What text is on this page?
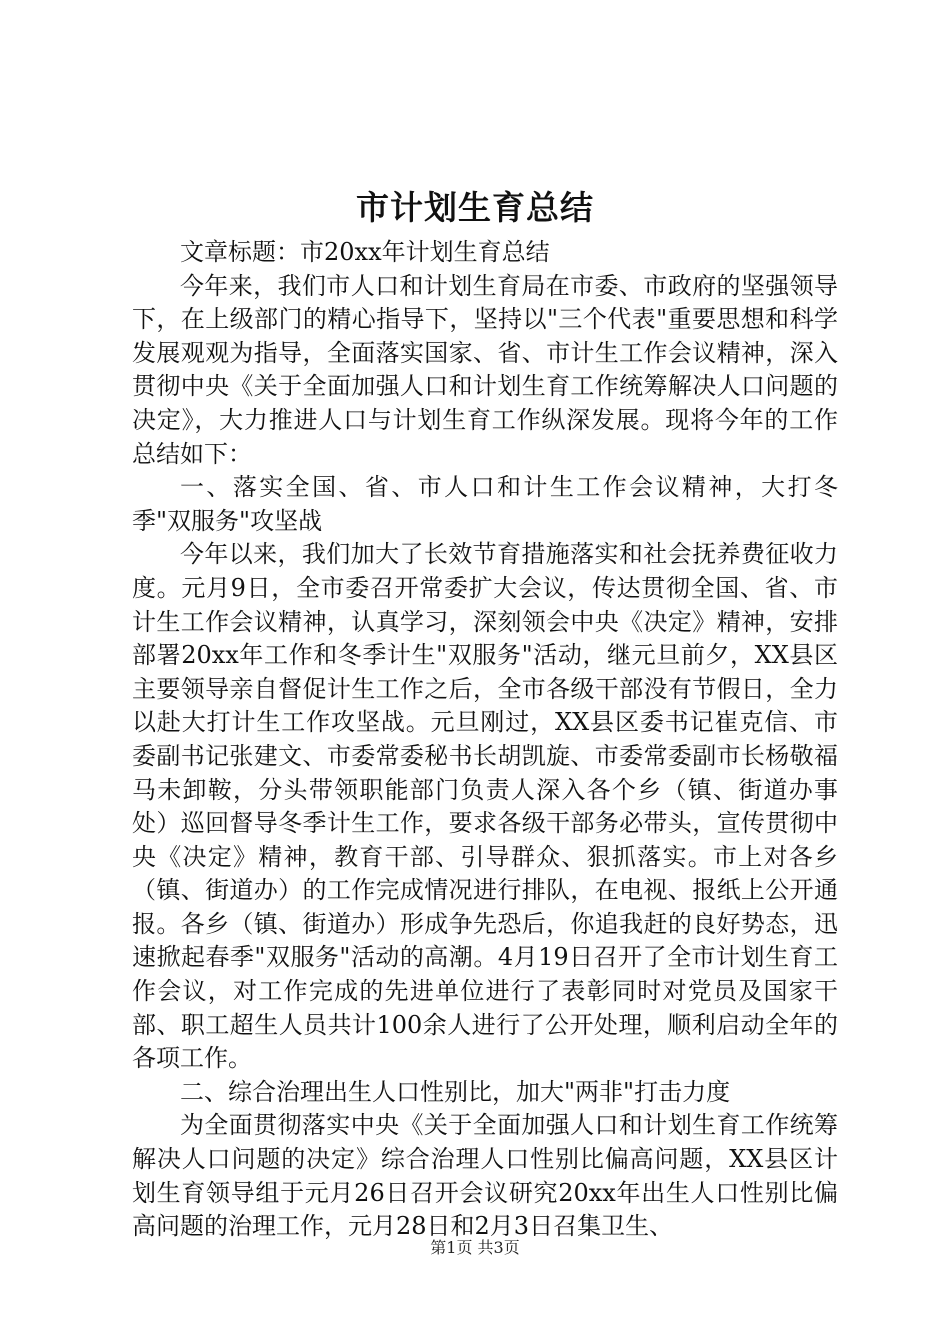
市计划生育总结

文章标题：市20xx年计划生育总结

今年来，我们市人口和计划生育局在市委、市政府的坚强领导下，在上级部门的精心指导下，坚持以"三个代表"重要思想和科学发展观观为指导，全面落实国家、省、市计生工作会议精神，深入贯彻中央《关于全面加强人口和计划生育工作统筹解决人口问题的决定》，大力推进人口与计划生育工作纵深发展。现将今年的工作总结如下：

一、落实全国、省、市人口和计生工作会议精神，大打冬季"双服务"攻坚战

今年以来，我们加大了长效节育措施落实和社会抚养费征收力度。元月9日，全市委召开常委扩大会议，传达贯彻全国、省、市计生工作会议精神，认真学习，深刻领会中央《决定》精神，安排部署20xx年工作和冬季计生"双服务"活动，继元旦前夕，XX县区主要领导亲自督促计生工作之后，全市各级干部没有节假日，全力以赴大打计生工作攻坚战。元旦刚过，XX县区委书记崔克信、市委副书记张建文、市委常委秘书长胡凯旋、市委常委副市长杨敬福马未卸鞍，分头带领职能部门负责人深入各个乡（镇、街道办事处）巡回督导冬季计生工作，要求各级干部务必带头，宣传贯彻中央《决定》精神，教育干部、引导群众、狠抓落实。市上对各乡（镇、街道办）的工作完成情况进行排队，在电视、报纸上公开通报。各乡（镇、街道办）形成争先恐后，你追我赶的良好势态，迅速掀起春季"双服务"活动的高潮。4月19日召开了全市计划生育工作会议，对工作完成的先进单位进行了表彰同时对党员及国家干部、职工超生人员共计100余人进行了公开处理，顺利启动全年的各项工作。

二、综合治理出生人口性别比，加大"两非"打击力度

为全面贯彻落实中央《关于全面加强人口和计划生育工作统筹解决人口问题的决定》综合治理人口性别比偏高问题，XX县区计划生育领导组于元月26日召开会议研究20xx年出生人口性别比偏高问题的治理工作，元月28日和2月3日召集卫生、

第1页 共3页
